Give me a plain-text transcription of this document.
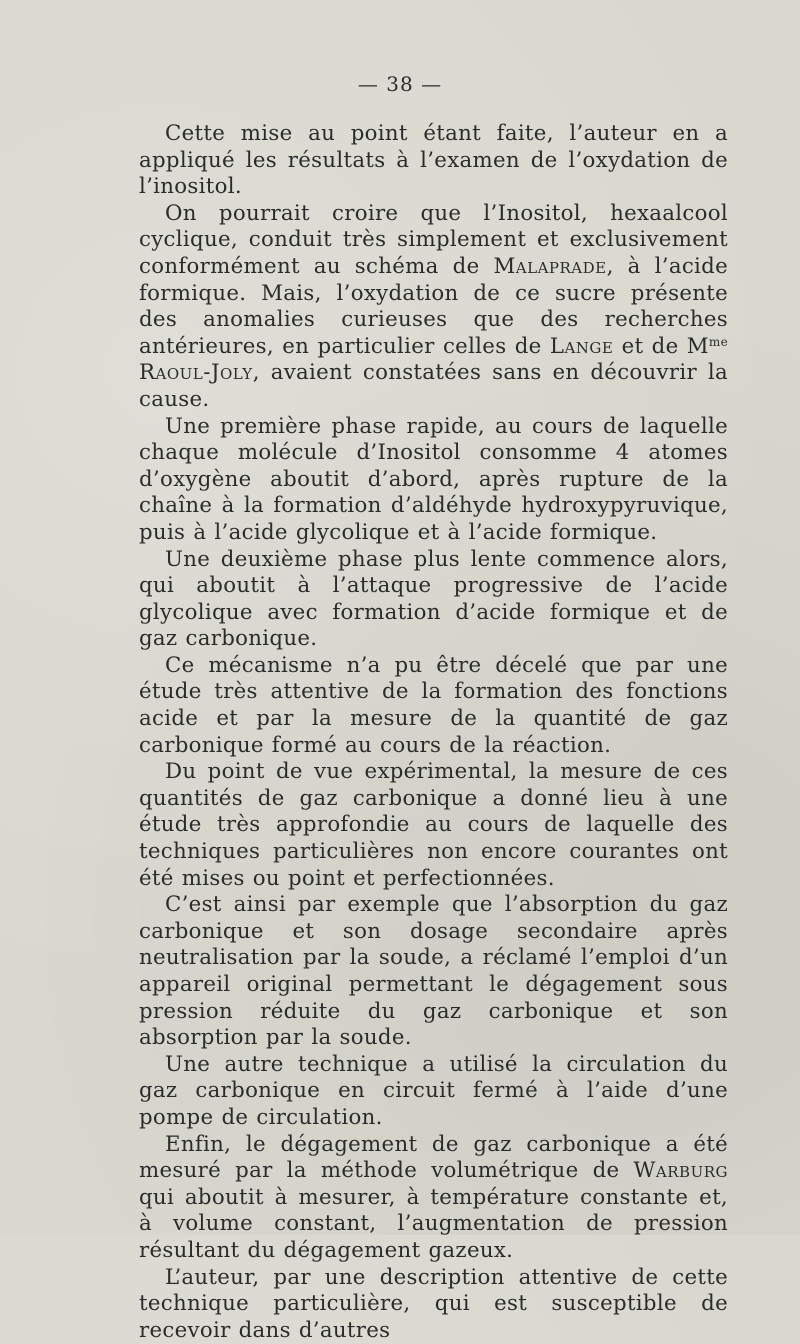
— 38 —

Cette mise au point étant faite, l’auteur en a appliqué les résultats à l’examen de l’oxydation de l’inositol.

On pourrait croire que l’Inositol, hexaalcool cyclique, conduit très simplement et exclusivement conformément au schéma de Malaprade, à l’acide formique. Mais, l’oxydation de ce sucre présente des anomalies curieuses que des recherches antérieures, en particulier celles de Lange et de $M^{me}$ Raoul-Joly, avaient constatées sans en découvrir la cause.

Une première phase rapide, au cours de laquelle chaque molécule d’Inositol consomme 4 atomes d’oxygène aboutit d’abord, après rupture de la chaîne à la formation d’aldéhyde hydroxypyruvique, puis à l’acide glycolique et à l’acide formique.

Une deuxième phase plus lente commence alors, qui aboutit à l’attaque progressive de l’acide glycolique avec formation d’acide formique et de gaz carbonique.

Ce mécanisme n’a pu être décelé que par une étude très attentive de la formation des fonctions acide et par la mesure de la quantité de gaz carbonique formé au cours de la réaction.

Du point de vue expérimental, la mesure de ces quantités de gaz carbonique a donné lieu à une étude très approfondie au cours de laquelle des techniques particulières non encore courantes ont été mises ou point et perfectionnées.

C’est ainsi par exemple que l’absorption du gaz carbonique et son dosage secondaire après neutralisation par la soude, a réclamé l’emploi d’un appareil original permettant le dégagement sous pression réduite du gaz carbonique et son absorption par la soude.

Une autre technique a utilisé la circulation du gaz carbonique en circuit fermé à l’aide d’une pompe de circulation.

Enfin, le dégagement de gaz carbonique a été mesuré par la méthode volumétrique de Warburg qui aboutit à mesurer, à température constante et, à volume constant, l’augmentation de pression résultant du dégagement gazeux.

L’auteur, par une description attentive de cette technique particulière, qui est susceptible de recevoir dans d’autres
